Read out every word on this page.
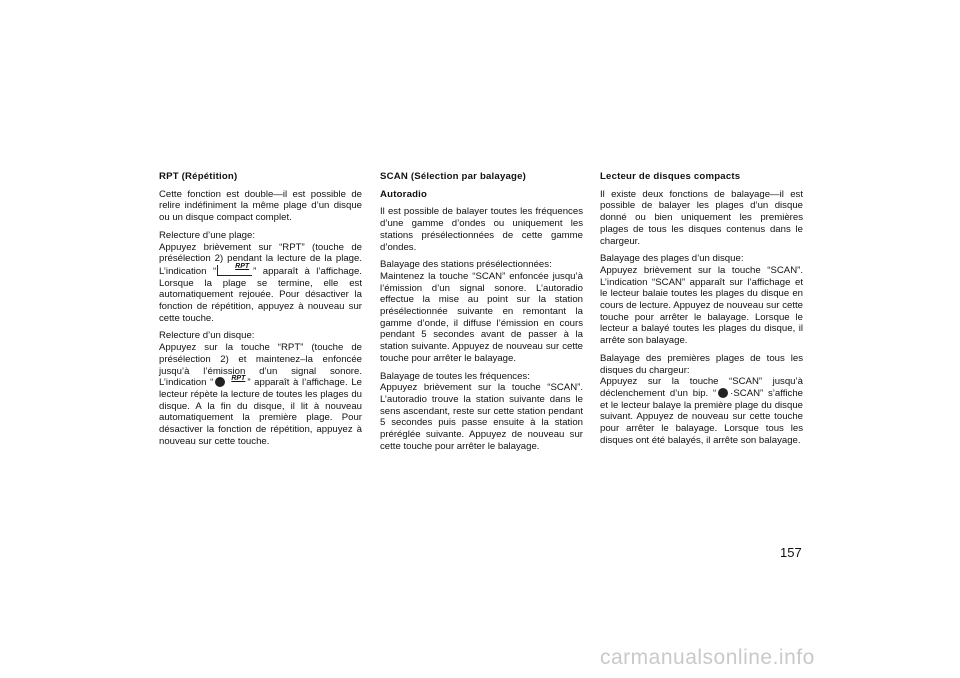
RPT (Répétition)

Cette fonction est double—il est possible de relire indéfiniment la même plage d’un disque ou un disque compact complet.

Relecture d’une plage:
Appuyez brièvement sur “RPT” (touche de présélection 2) pendant la lecture de la plage. L’indication “	RPT ” apparaît à l’affichage. Lorsque la plage se termine, elle est automatiquement rejouée. Pour désactiver la fonction de répétition, appuyez à nouveau sur cette touche.

Relecture d’un disque:
Appuyez sur la touche “RPT” (touche de présélection 2) et maintenez–la enfoncée jusqu’à l’émission d’un signal sonore. L’indication “	RPT ” apparaît à l’affichage. Le lecteur répète la lecture de toutes les plages du disque. A la fin du disque, il lit à nouveau automatiquement la première plage. Pour désactiver la fonction de répétition, appuyez à nouveau sur cette touche.

SCAN (Sélection par balayage)

Autoradio

Il est possible de balayer toutes les fréquences d’une gamme d’ondes ou uniquement les stations présélectionnées de cette gamme d’ondes.

Balayage des stations présélectionnées:
Maintenez la touche “SCAN” enfoncée jusqu’à l’émission d’un signal sonore. L’autoradio effectue la mise au point sur la station présélectionnée suivante en remontant la gamme d’onde, il diffuse l’émission en cours pendant 5 secondes avant de passer à la station suivante. Appuyez de nouveau sur cette touche pour arrêter le balayage.

Balayage de toutes les fréquences:
Appuyez brièvement sur la touche “SCAN”. L’autoradio trouve la station suivante dans le sens ascendant, reste sur cette station pendant 5 secondes puis passe ensuite à la station préréglée suivante. Appuyez de nouveau sur cette touche pour arrêter le balayage.

Lecteur de disques compacts

Il existe deux fonctions de balayage—il est possible de balayer les plages d’un disque donné ou bien uniquement les premières plages de tous les disques contenus dans le chargeur.

Balayage des plages d’un disque:
Appuyez brièvement sur la touche “SCAN”. L’indication “SCAN” apparaît sur l’affichage et le lecteur balaie toutes les plages du disque en cours de lecture. Appuyez de nouveau sur cette touche pour arrêter le balayage. Lorsque le lecteur a balayé toutes les plages du disque, il arrête son balayage.

Balayage des premières plages de tous les disques du chargeur:
Appuyez sur la touche “SCAN” jusqu’à déclenchement d’un bip. “ ·SCAN” s’affiche et le lecteur balaye la première plage du disque suivant. Appuyez de nouveau sur cette touche pour arrêter le balayage. Lorsque tous les disques ont été balayés, il arrête son balayage.

157
carmanualsonline.info
